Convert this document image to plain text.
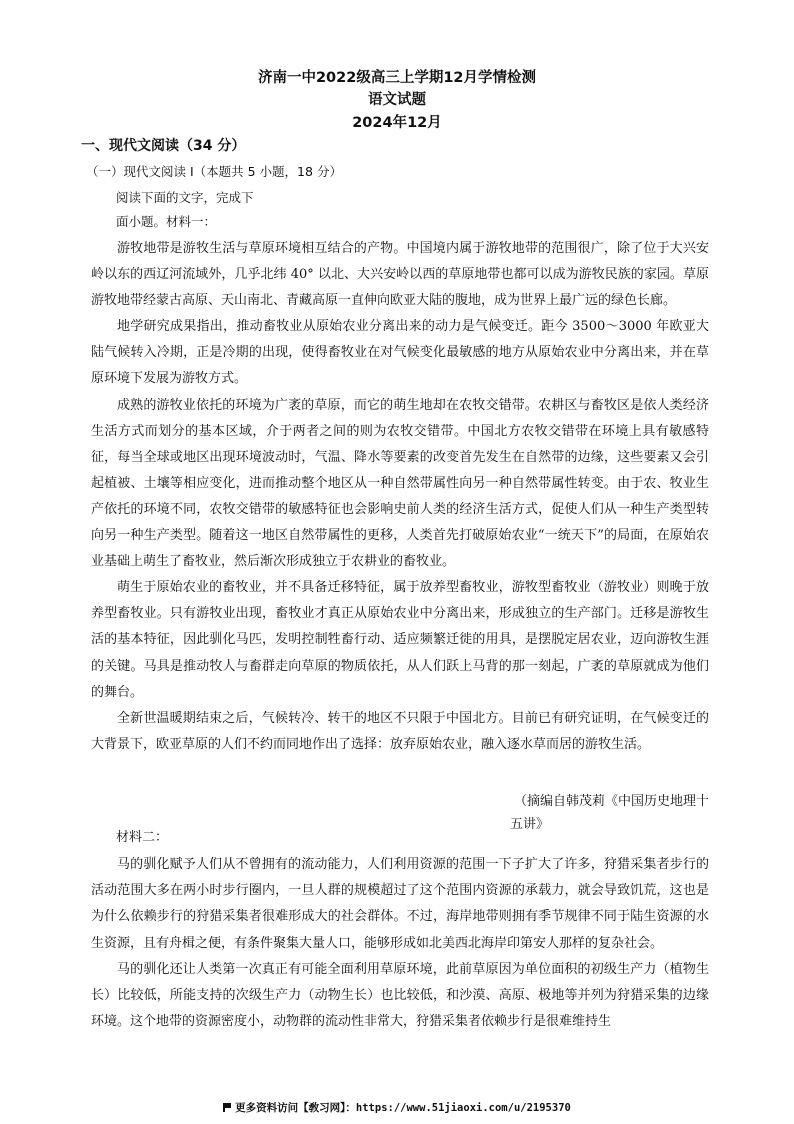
济南一中2022级高三上学期12月学情检测
语文试题
2024年12月
一、现代文阅读（34 分）
（一）现代文阅读 I（本题共 5 小题，18 分）
阅读下面的文字，完成下
面小题。材料一：

游牧地带是游牧生活与草原环境相互结合的产物。中国境内属于游牧地带的范围很广，除了位于大兴安岭以东的西辽河流域外，几乎北纬 40° 以北、大兴安岭以西的草原地带也都可以成为游牧民族的家园。草原游牧地带经蒙古高原、天山南北、青藏高原一直伸向欧亚大陆的腹地，成为世界上最广远的绿色长廊。

地学研究成果指出，推动畜牧业从原始农业分离出来的动力是气候变迁。距今 3500～3000 年欧亚大陆气候转入冷期，正是冷期的出现，使得畜牧业在对气候变化最敏感的地方从原始农业中分离出来，并在草原环境下发展为游牧方式。

成熟的游牧业依托的环境为广袤的草原，而它的萌生地却在农牧交错带。农耕区与畜牧区是依人类经济生活方式而划分的基本区域，介于两者之间的则为农牧交错带。中国北方农牧交错带在环境上具有敏感特征，每当全球或地区出现环境波动时，气温、降水等要素的改变首先发生在自然带的边缘，这些要素又会引起植被、土壤等相应变化，进而推动整个地区从一种自然带属性向另一种自然带属性转变。由于农、牧业生产依托的环境不同，农牧交错带的敏感特征也会影响史前人类的经济生活方式，促使人们从一种生产类型转向另一种生产类型。随着这一地区自然带属性的更移，人类首先打破原始农业“一统天下”的局面，在原始农业基础上萌生了畜牧业，然后渐次形成独立于农耕业的畜牧业。

萌生于原始农业的畜牧业，并不具备迁移特征，属于放养型畜牧业，游牧型畜牧业（游牧业）则晚于放养型畜牧业。只有游牧业出现，畜牧业才真正从原始农业中分离出来，形成独立的生产部门。迁移是游牧生活的基本特征，因此驯化马匹，发明控制牲畜行动、适应频繁迁徙的用具，是摆脱定居农业，迈向游牧生涯的关键。马具是推动牧人与畜群走向草原的物质依托，从人们跃上马背的那一刻起，广袤的草原就成为他们的舞台。

全新世温暖期结束之后，气候转冷、转干的地区不只限于中国北方。目前已有研究证明，在气候变迁的大背景下，欧亚草原的人们不约而同地作出了选择：放弃原始农业，融入逐水草而居的游牧生活。

（摘编自韩茂莉《中国历史地理十
五讲》
材料二：

马的驯化赋予人们从不曾拥有的流动能力，人们利用资源的范围一下子扩大了许多，狩猎采集者步行的活动范围大多在两小时步行圈内，一旦人群的规模超过了这个范围内资源的承载力，就会导致饥荒，这也是为什么依赖步行的狩猎采集者很难形成大的社会群体。不过，海岸地带则拥有季节规律不同于陆生资源的水生资源，且有舟楫之便，有条件聚集大量人口，能够形成如北美西北海岸印第安人那样的复杂社会。

马的驯化还让人类第一次真正有可能全面利用草原环境，此前草原因为单位面积的初级生产力（植物生长）比较低，所能支持的次级生产力（动物生长）也比较低，和沙漠、高原、极地等并列为狩猎采集的边缘环境。这个地带的资源密度小，动物群的流动性非常大，狩猎采集者依赖步行是很难维持生

更多资料访问【敎习网】：https://www.51jiaoxi.com/u/2195370
